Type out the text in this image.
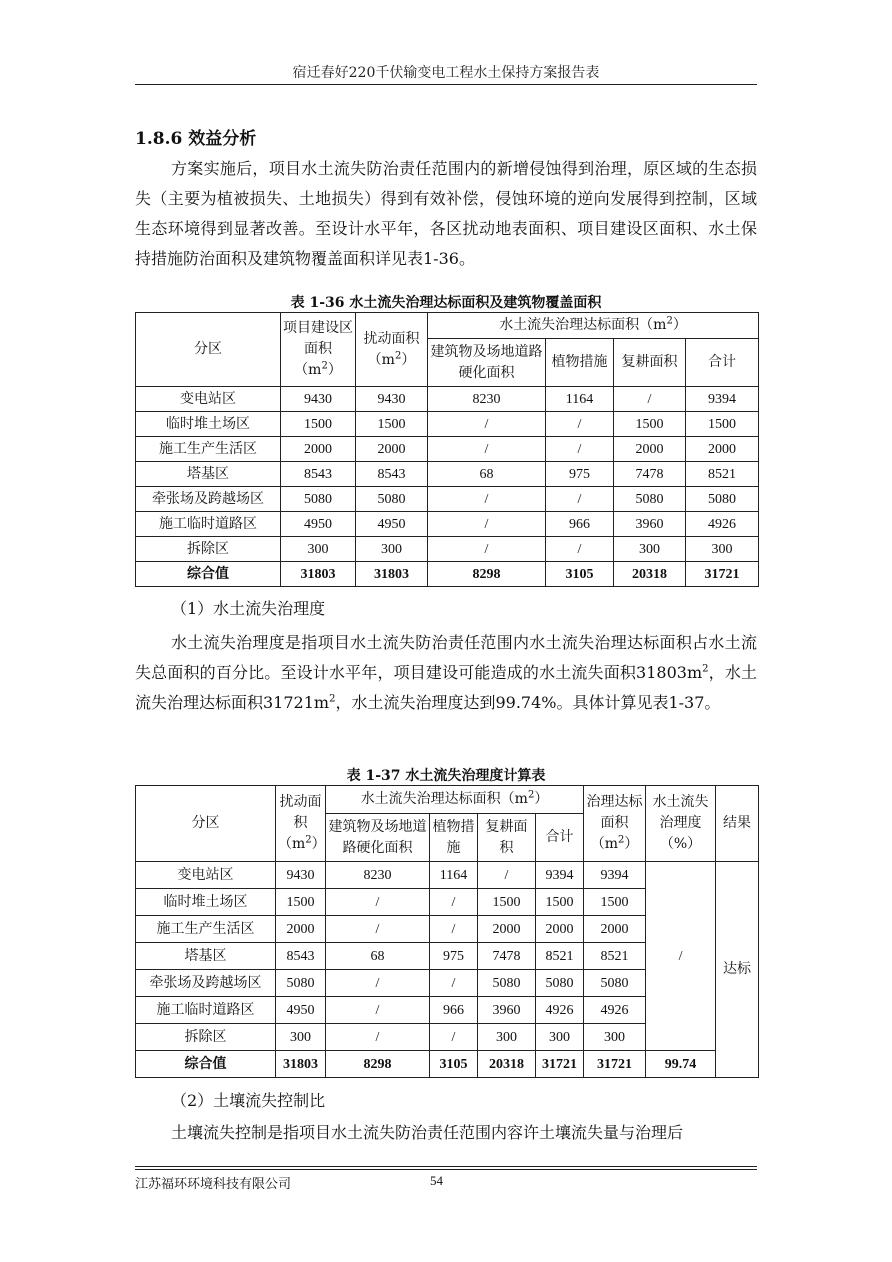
宿迁春好220千伏输变电工程水土保持方案报告表
1.8.6 效益分析

方案实施后，项目水土流失防治责任范围内的新增侵蚀得到治理，原区域的生态损失（主要为植被损失、土地损失）得到有效补偿，侵蚀环境的逆向发展得到控制，区域生态环境得到显著改善。至设计水平年，各区扰动地表面积、项目建设区面积、水土保持措施防治面积及建筑物覆盖面积详见表1-36。

表 1-36 水土流失治理达标面积及建筑物覆盖面积
分区	项目建设区面积$(m^2)$	扰动面积$(m^2)$	水土流失治理达标面积$(m^2)$			
			建筑物及场地道路硬化面积	植物措施	复耕面积	合计
变电站区	9430	9430	8230	1164	/	9394
临时堆土场区	1500	1500	/	/	1500	1500
施工生产生活区	2000	2000	/	/	2000	2000
塔基区	8543	8543	68	975	7478	8521
牵张场及跨越场区	5080	5080	/	/	5080	5080
施工临时道路区	4950	4950	/	966	3960	4926
拆除区	300	300	/	/	300	300
综合值	31803	31803	8298	3105	20318	31721
（1）水土流失治理度

水土流失治理度是指项目水土流失防治责任范围内水土流失治理达标面积占水土流失总面积的百分比。至设计水平年，项目建设可能造成的水土流失面积$31803m^2$，水土流失治理达标面积$31721m^2$，水土流失治理度达到99.74%。具体计算见表1-37。

表 1-37 水土流失治理度计算表
分区	扰动面积$(m^2)$	水土流失治理达标面积$(m^2)$				治理达标面积$(m^2)$	水土流失治理度（%）	结果
		建筑物及场地道路硬化面积	植物措施	复耕面积	合计			
变电站区	9430	8230	1164	/	9394	9394	/	达标
临时堆土场区	1500	/	/	1500	1500	1500		
施工生产生活区	2000	/	/	2000	2000	2000		
塔基区	8543	68	975	7478	8521	8521		
牵张场及跨越场区	5080	/	/	5080	5080	5080		
施工临时道路区	4950	/	966	3960	4926	4926		
拆除区	300	/	/	300	300	300		
综合值	31803	8298	3105	20318	31721	31721	99.74	
（2）土壤流失控制比

土壤流失控制是指项目水土流失防治责任范围内容许土壤流失量与治理后

江苏福环环境科技有限公司	54
